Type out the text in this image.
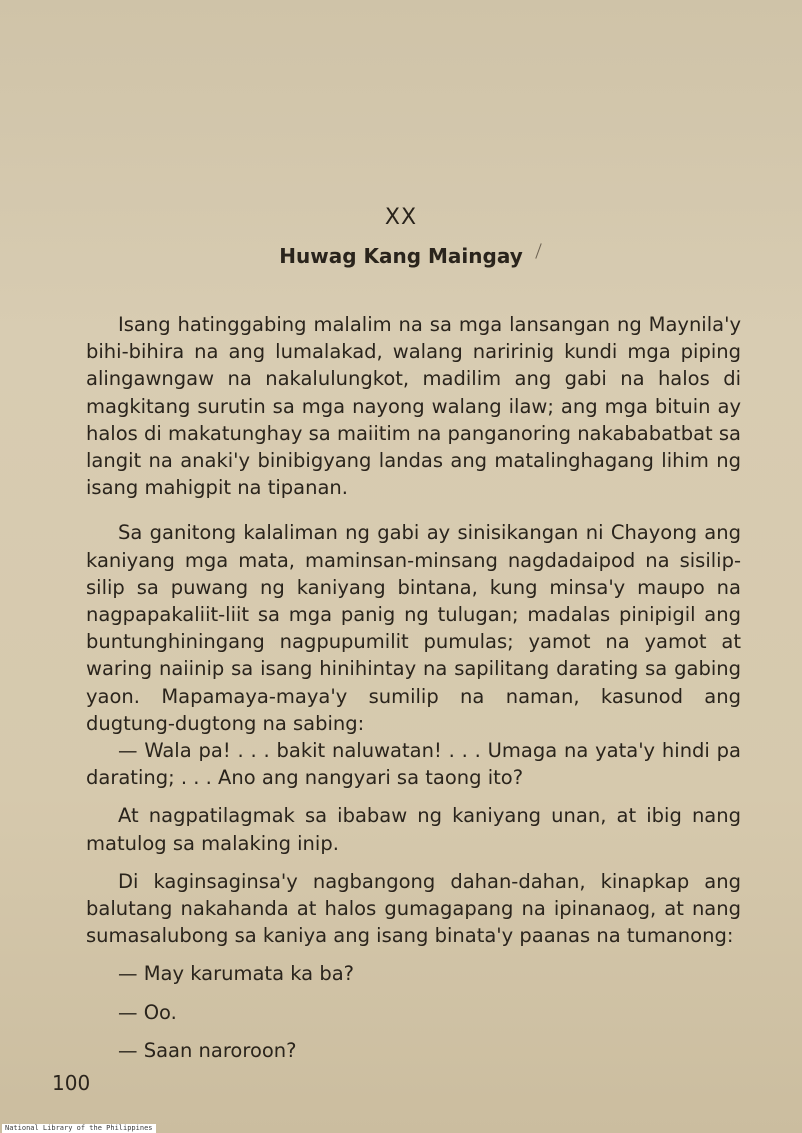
XX
Huwag Kang Maingay

Isang hatinggabing malalim na sa mga lansangan ng Maynila'y bihi-bihira na ang lumalakad, walang naririnig kundi mga piping alingawngaw na nakalulungkot, madilim ang gabi na halos di magkitang surutin sa mga nayong walang ilaw; ang mga bituin ay halos di makatunghay sa maiitim na panganoring nakababatbat sa langit na anaki'y binibigyang landas ang matalinghagang lihim ng isang mahigpit na tipanan.

Sa ganitong kalaliman ng gabi ay sinisikangan ni Chayong ang kaniyang mga mata, maminsan-minsang nagdadaipod na sisilip-silip sa puwang ng kaniyang bintana, kung minsa'y maupo na nagpapakaliit-liit sa mga panig ng tulugan; madalas pinipigil ang buntunghiningang nagpupumilit pumulas; yamot na yamot at waring naiinip sa isang hinihintay na sapilitang darating sa gabing yaon. Mapamaya-maya'y sumilip na naman, kasunod ang dugtung-dugtong na sabing:

— Wala pa! . . . bakit naluwatan! . . . Umaga na yata'y hindi pa darating; . . . Ano ang nangyari sa taong ito?

At nagpatilagmak sa ibabaw ng kaniyang unan, at ibig nang matulog sa malaking inip.

Di kaginsaginsa'y nagbangong dahan-dahan, kinapkap ang balutang nakahanda at halos gumagapang na ipinanaog, at nang sumasalubong sa kaniya ang isang binata'y paanas na tumanong:

— May karumata ka ba?

— Oo.

— Saan naroroon?

100
National Library of the Philippines
